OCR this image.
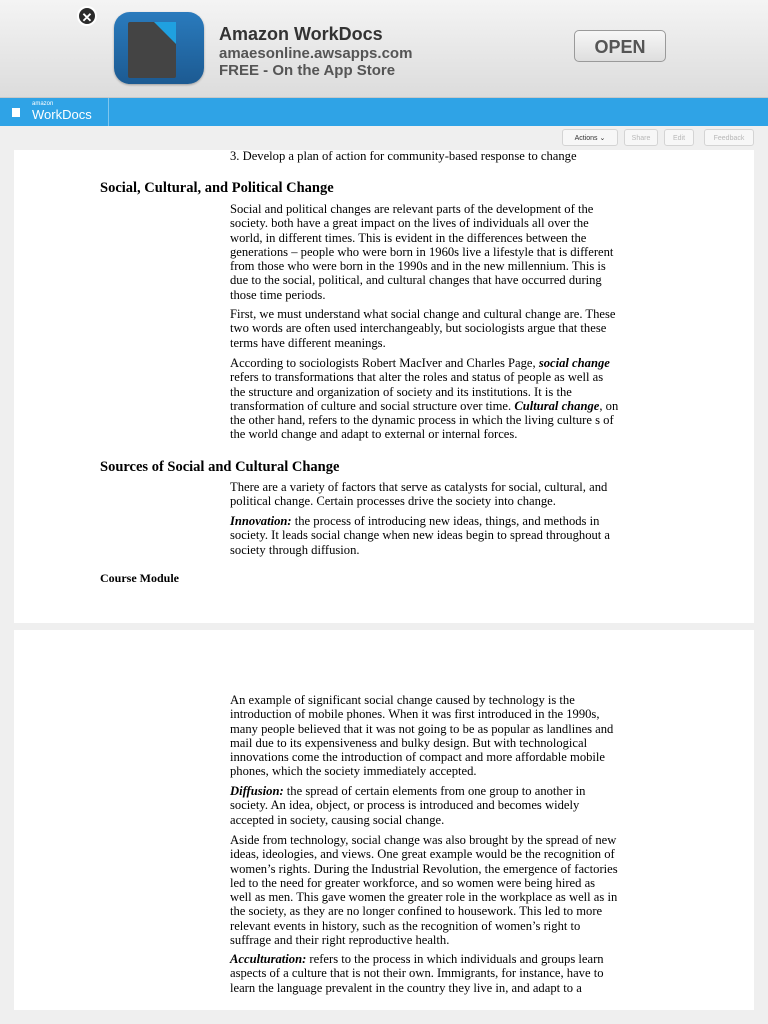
✕
Amazon WorkDocs
amaesonline.awsapps.com
FREE - On the App Store
OPEN
amazon
WorkDocs
Actions ⌄	Share	Edit	Feedback
3. Develop a plan of action for community-based response to change
Social, Cultural, and Political Change
Social and political changes are relevant parts of the development of the
society. both have a great impact on the lives of individuals all over the
world, in different times. This is evident in the differences between the
generations – people who were born in 1960s live a lifestyle that is different
from those who were born in the 1990s and in the new millennium. This is
due to the social, political, and cultural changes that have occurred during
those time periods.
First, we must understand what social change and cultural change are. These
two words are often used interchangeably, but sociologists argue that these
terms have different meanings.
According to sociologists Robert MacIver and Charles Page, social change
refers to transformations that alter the roles and status of people as well as
the structure and organization of society and its institutions. It is the
transformation of culture and social structure over time. Cultural change, on
the other hand, refers to the dynamic process in which the living culture s of
the world change and adapt to external or internal forces.
Sources of Social and Cultural Change
There are a variety of factors that serve as catalysts for social, cultural, and
political change. Certain processes drive the society into change.
Innovation: the process of introducing new ideas, things, and methods in
society. It leads social change when new ideas begin to spread throughout a
society through diffusion.
Course Module
An example of significant social change caused by technology is the
introduction of mobile phones. When it was first introduced in the 1990s,
many people believed that it was not going to be as popular as landlines and
mail due to its expensiveness and bulky design. But with technological
innovations come the introduction of compact and more affordable mobile
phones, which the society immediately accepted.
Diffusion: the spread of certain elements from one group to another in
society. An idea, object, or process is introduced and becomes widely
accepted in society, causing social change.
Aside from technology, social change was also brought by the spread of new
ideas, ideologies, and views. One great example would be the recognition of
women’s rights. During the Industrial Revolution, the emergence of factories
led to the need for greater workforce, and so women were being hired as
well as men. This gave women the greater role in the workplace as well as in
the society, as they are no longer confined to housework. This led to more
relevant events in history, such as the recognition of women’s right to
suffrage and their right reproductive health.
Acculturation: refers to the process in which individuals and groups learn
aspects of a culture that is not their own. Immigrants, for instance, have to
learn the language prevalent in the country they live in, and adapt to a
